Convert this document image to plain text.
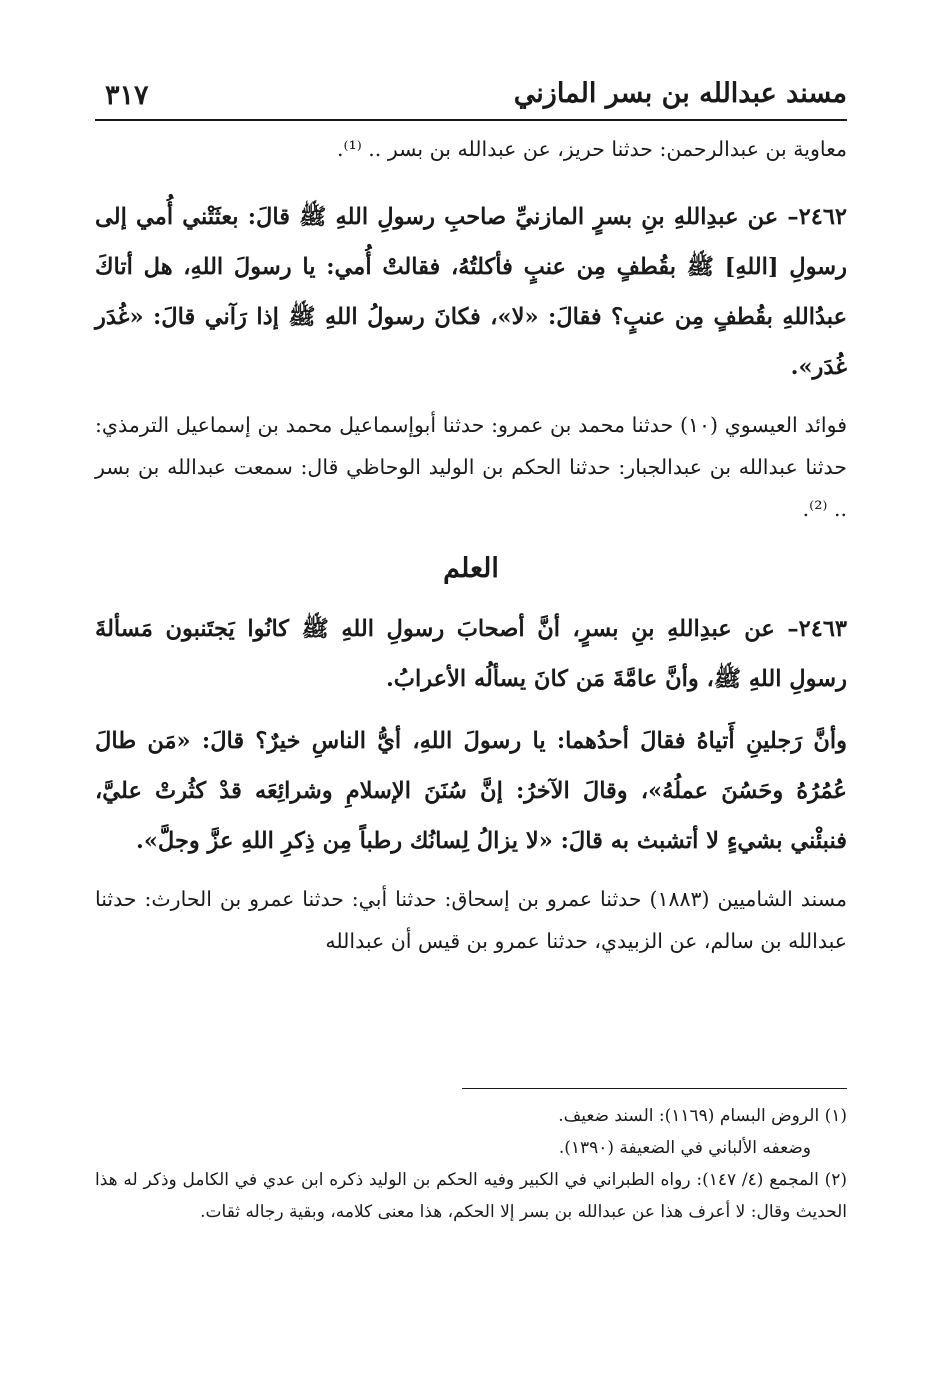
٣١٧	مسند عبدالله بن بسر المازني

معاوية بن عبدالرحمن: حدثنا حريز، عن عبدالله بن بسر .. ⁽¹⁾.

٢٤٦٢– عن عبدِاللهِ بنِ بسرٍ المازنيِّ صاحبِ رسولِ اللهِ ﷺ قالَ: بعثَتْني أُمي إلى رسولِ [اللهِ] ﷺ بقُطفٍ مِن عنبٍ فأكلتُهُ، فقالتْ أُمي: يا رسولَ اللهِ، هل أتاكَ عبدُاللهِ بقُطفٍ مِن عنبٍ؟ فقالَ: «لا»، فكانَ رسولُ اللهِ ﷺ إذا رَآني قالَ: «غُدَر غُدَر».

فوائد العيسوي (١٠) حدثنا محمد بن عمرو: حدثنا أبوإسماعيل محمد بن إسماعيل الترمذي: حدثنا عبدالله بن عبدالجبار: حدثنا الحكم بن الوليد الوحاظي قال: سمعت عبدالله بن بسر .. ⁽²⁾.

العلم

٢٤٦٣– عن عبدِاللهِ بنِ بسرٍ، أنَّ أصحابَ رسولِ اللهِ ﷺ كانُوا يَجتَنبون مَسألةَ رسولِ اللهِ ﷺ، وأنَّ عامَّةَ مَن كانَ يسألُه الأعرابُ.

وأنَّ رَجلينِ أَتياهُ فقالَ أحدُهما: يا رسولَ اللهِ، أيُّ الناسِ خيرٌ؟ قالَ: «مَن طالَ عُمُرُهُ وحَسُنَ عملُهُ»، وقالَ الآخرُ: إنَّ سُنَنَ الإسلامِ وشرائِعَه قدْ كثُرتْ عليَّ، فنبئْني بشيءٍ لا أتشبث به قالَ: «لا يزالُ لِسانُك رطباً مِن ذِكرِ اللهِ عزَّ وجلَّ».

مسند الشاميين (١٨٨٣) حدثنا عمرو بن إسحاق: حدثنا أبي: حدثنا عمرو بن الحارث: حدثنا عبدالله بن سالم، عن الزبيدي، حدثنا عمرو بن قيس أن عبدالله

(١) الروض البسام (١١٦٩): السند ضعيف.

وضعفه الألباني في الضعيفة (١٣٩٠).

(٢) المجمع (٤/ ١٤٧): رواه الطبراني في الكبير وفيه الحكم بن الوليد ذكره ابن عدي في الكامل وذكر له هذا الحديث وقال: لا أعرف هذا عن عبدالله بن بسر إلا الحكم، هذا معنى كلامه، وبقية رجاله ثقات.
